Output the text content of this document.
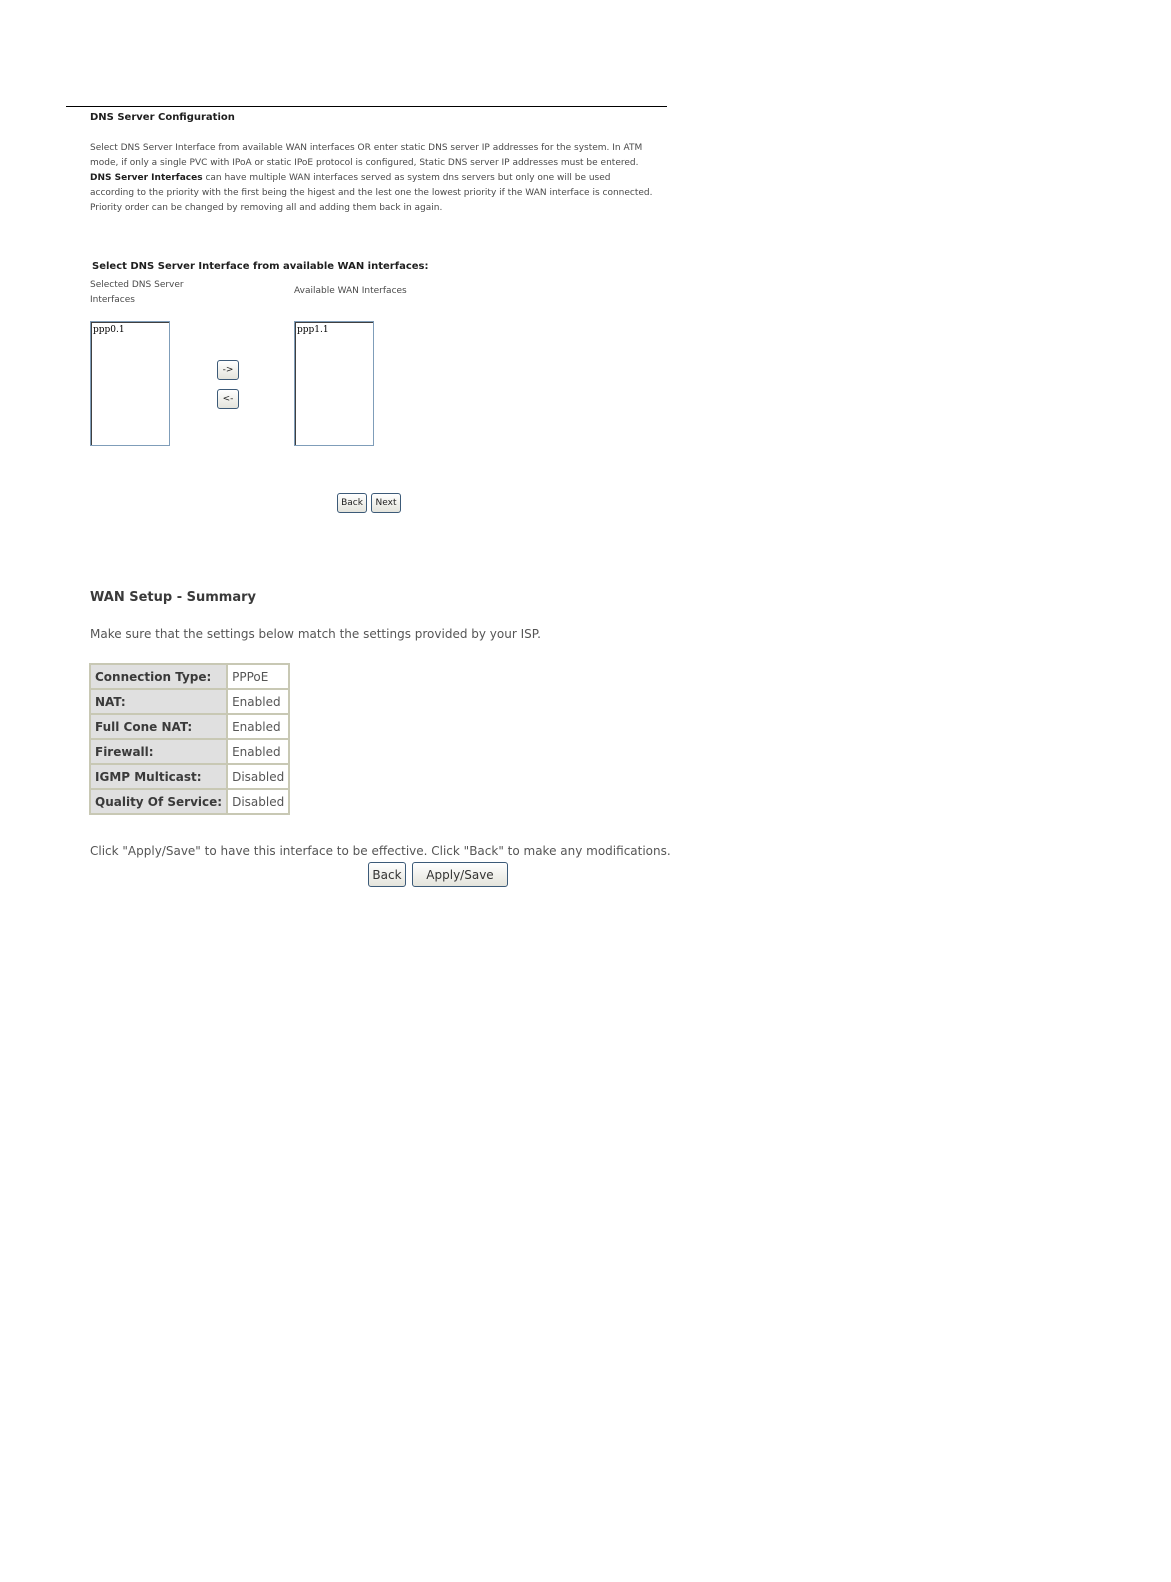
DNS Server Configuration
Select DNS Server Interface from available WAN interfaces OR enter static DNS server IP addresses for the system. In ATM mode, if only a single PVC with IPoA or static IPoE protocol is configured, Static DNS server IP addresses must be entered.
DNS Server Interfaces can have multiple WAN interfaces served as system dns servers but only one will be used according to the priority with the first being the higest and the lest one the lowest priority if the WAN interface is connected. Priority order can be changed by removing all and adding them back in again.
Select DNS Server Interface from available WAN interfaces:
Selected DNS Server Interfaces
Available WAN Interfaces
ppp0.1	ppp1.1
->
<-
Back	Next
WAN Setup - Summary
Make sure that the settings below match the settings provided by your ISP.
Connection Type:	PPPoE
NAT:	Enabled
Full Cone NAT:	Enabled
Firewall:	Enabled
IGMP Multicast:	Disabled
Quality Of Service:	Disabled
Click "Apply/Save" to have this interface to be effective. Click "Back" to make any modifications.
Back	Apply/Save
